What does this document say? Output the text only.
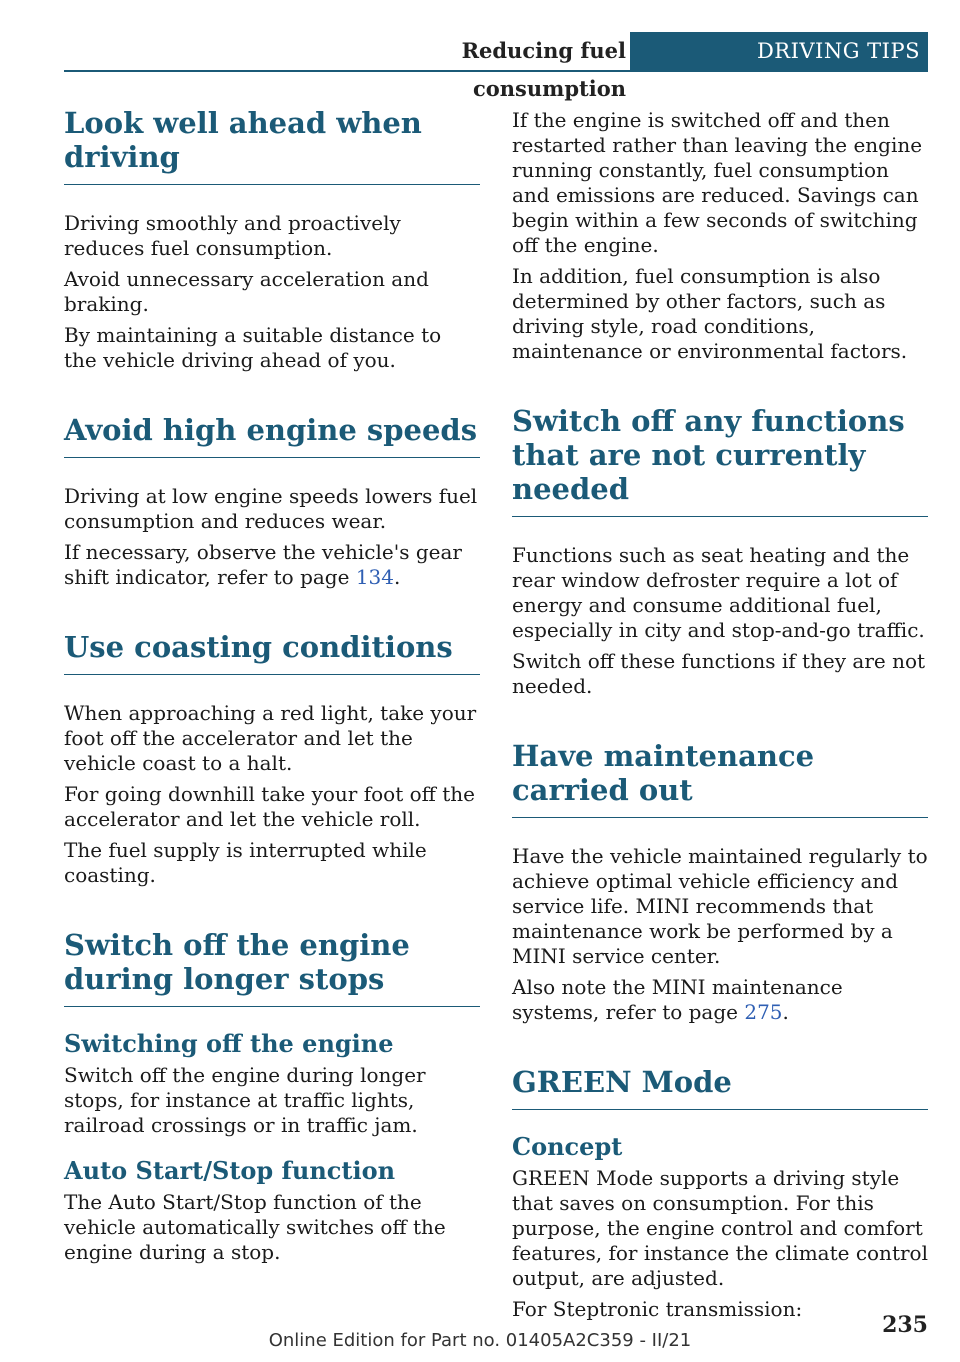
Reducing fuel consumption
DRIVING TIPS
Look well ahead when driving

Driving smoothly and proactively reduces fuel consumption.

Avoid unnecessary acceleration and braking.

By maintaining a suitable distance to the vehicle driving ahead of you.

Avoid high engine speeds

Driving at low engine speeds lowers fuel consumption and reduces wear.

If necessary, observe the vehicle's gear shift indicator, refer to page 134.

Use coasting conditions

When approaching a red light, take your foot off the accelerator and let the vehicle coast to a halt.

For going downhill take your foot off the accelerator and let the vehicle roll.

The fuel supply is interrupted while coasting.

Switch off the engine during longer stops
Switching off the engine

Switch off the engine during longer stops, for instance at traffic lights, railroad crossings or in traffic jam.

Auto Start/Stop function

The Auto Start/Stop function of the vehicle automatically switches off the engine during a stop.

If the engine is switched off and then restarted rather than leaving the engine running constantly, fuel consumption and emissions are reduced. Savings can begin within a few seconds of switching off the engine.

In addition, fuel consumption is also determined by other factors, such as driving style, road conditions, maintenance or environmental factors.

Switch off any functions that are not currently needed

Functions such as seat heating and the rear window defroster require a lot of energy and consume additional fuel, especially in city and stop-and-go traffic.

Switch off these functions if they are not needed.

Have maintenance carried out

Have the vehicle maintained regularly to achieve optimal vehicle efficiency and service life. MINI recommends that maintenance work be performed by a MINI service center.

Also note the MINI maintenance systems, refer to page 275.

GREEN Mode
Concept

GREEN Mode supports a driving style that saves on consumption. For this purpose, the engine control and comfort features, for instance the climate control output, are adjusted.

For Steptronic transmission:

235
Online Edition for Part no. 01405A2C359 - II/21
